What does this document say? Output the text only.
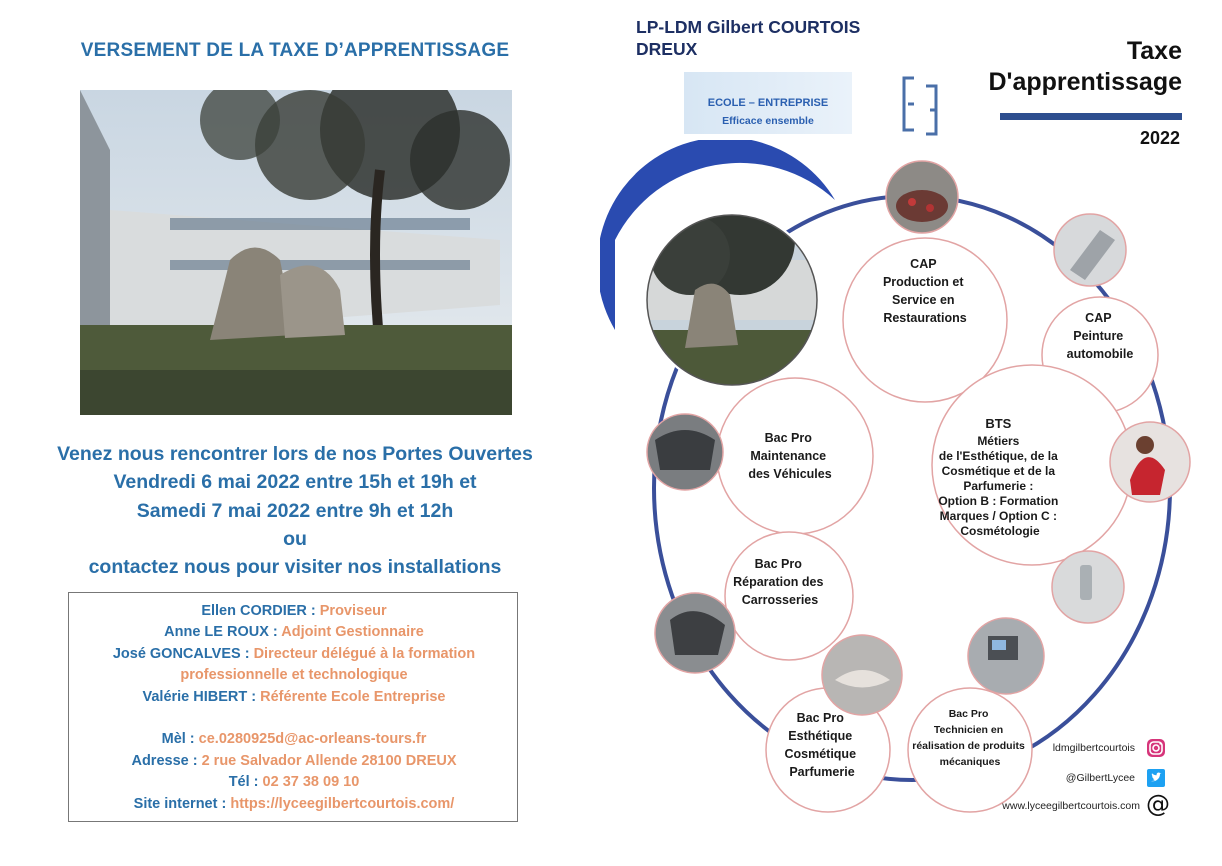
VERSEMENT DE LA TAXE D’APPRENTISSAGE
Venez nous rencontrer lors de nos Portes Ouvertes
Vendredi 6 mai 2022 entre 15h et 19h et
Samedi 7 mai 2022 entre 9h et 12h
ou
contactez nous pour visiter nos installations
Ellen CORDIER : Proviseur
Anne LE ROUX : Adjoint Gestionnaire
José GONCALVES : Directeur délégué à la formation
professionnelle et technologique
Valérie HIBERT : Référente Ecole Entreprise
Mèl : ce.0280925d@ac-orleans-tours.fr
Adresse : 2 rue Salvador Allende 28100 DREUX
Tél : 02 37 38 09 10
Site internet : https://lyceegilbertcourtois.com/
LP-LDM Gilbert COURTOIS
DREUX
ECOLE – ENTREPRISE
Efficace ensemble
Taxe
D'apprentissage
2022
CAP Production et Service en Restaurations	CAP Peinture automobile
BTS Métiers de l'Esthétique, de la Cosmétique et de la Parfumerie : Option B : Formation Marques / Option C : Cosmétologie
Bac Pro Maintenance des Véhicules
Bac Pro Réparation des Carrosseries
Bac Pro Esthétique Cosmétique Parfumerie
Bac Pro Technicien en réalisation de produits mécaniques
ldmgilbertcourtois
@GilbertLycee
www.lyceegilbertcourtois.com @
